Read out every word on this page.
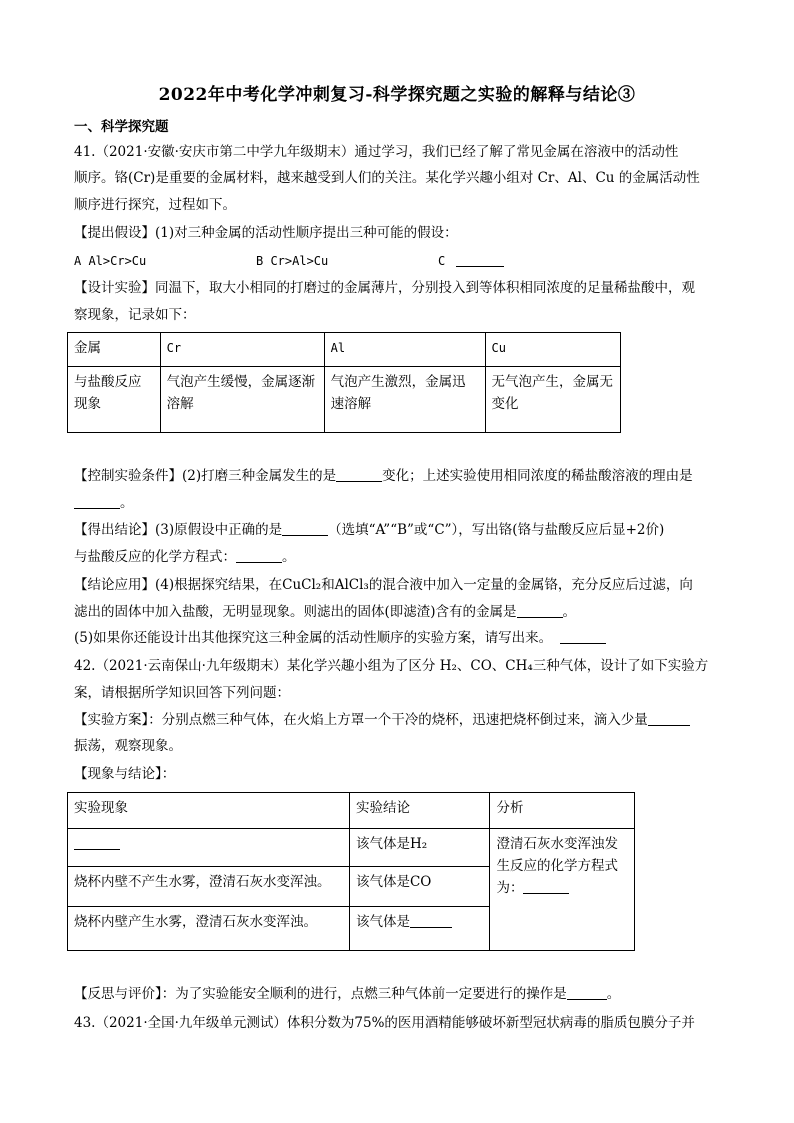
2022年中考化学冲刺复习-科学探究题之实验的解释与结论③
一、科学探究题
41.（2021·安徽·安庆市第二中学九年级期末）通过学习，我们已经了解了常见金属在溶液中的活动性
顺序。铬(Cr)是重要的金属材料，越来越受到人们的关注。某化学兴趣小组对 Cr、Al、Cu 的金属活动性
顺序进行探究，过程如下。
【提出假设】(1)对三种金属的活动性顺序提出三种可能的假设：
A Al>Cr>Cu	B Cr>Al>Cu	C
【设计实验】同温下，取大小相同的打磨过的金属薄片，分别投入到等体积相同浓度的足量稀盐酸中，观
察现象，记录如下：
金属	Cr	Al	Cu
与盐酸反应现象	气泡产生缓慢，金属逐渐溶解	气泡产生激烈，金属迅速溶解	无气泡产生，金属无变化
【控制实验条件】(2)打磨三种金属发生的是	变化；上述实验使用相同浓度的稀盐酸溶液的理由是
。
【得出结论】(3)原假设中正确的是	（选填“A”“B”或“C”），写出铬(铬与盐酸反应后显+2价)
与盐酸反应的化学方程式：	。
【结论应用】(4)根据探究结果，在CuCl₂和AlCl₃的混合液中加入一定量的金属铬，充分反应后过滤，向
滤出的固体中加入盐酸，无明显现象。则滤出的固体(即滤渣)含有的金属是	。
(5)如果你还能设计出其他探究这三种金属的活动性顺序的实验方案，请写出来。
42.（2021·云南保山·九年级期末）某化学兴趣小组为了区分 H₂、CO、CH₄三种气体，设计了如下实验方
案，请根据所学知识回答下列问题：
【实验方案】：分别点燃三种气体，在火焰上方罩一个干冷的烧杯，迅速把烧杯倒过来，滴入少量
振荡，观察现象。
【现象与结论】：
实验现象	实验结论	分析
	该气体是H₂	澄清石灰水变浑浊发
生反应的化学方程式
为：

烧杯内壁不产生水雾，澄清石灰水变浑浊。	该气体是CO	
烧杯内壁产生水雾，澄清石灰水变浑浊。	该气体是	
【反思与评价】：为了实验能安全顺利的进行，点燃三种气体前一定要进行的操作是	。
43.（2021·全国·九年级单元测试）体积分数为75%的医用酒精能够破坏新型冠状病毒的脂质包膜分子并
